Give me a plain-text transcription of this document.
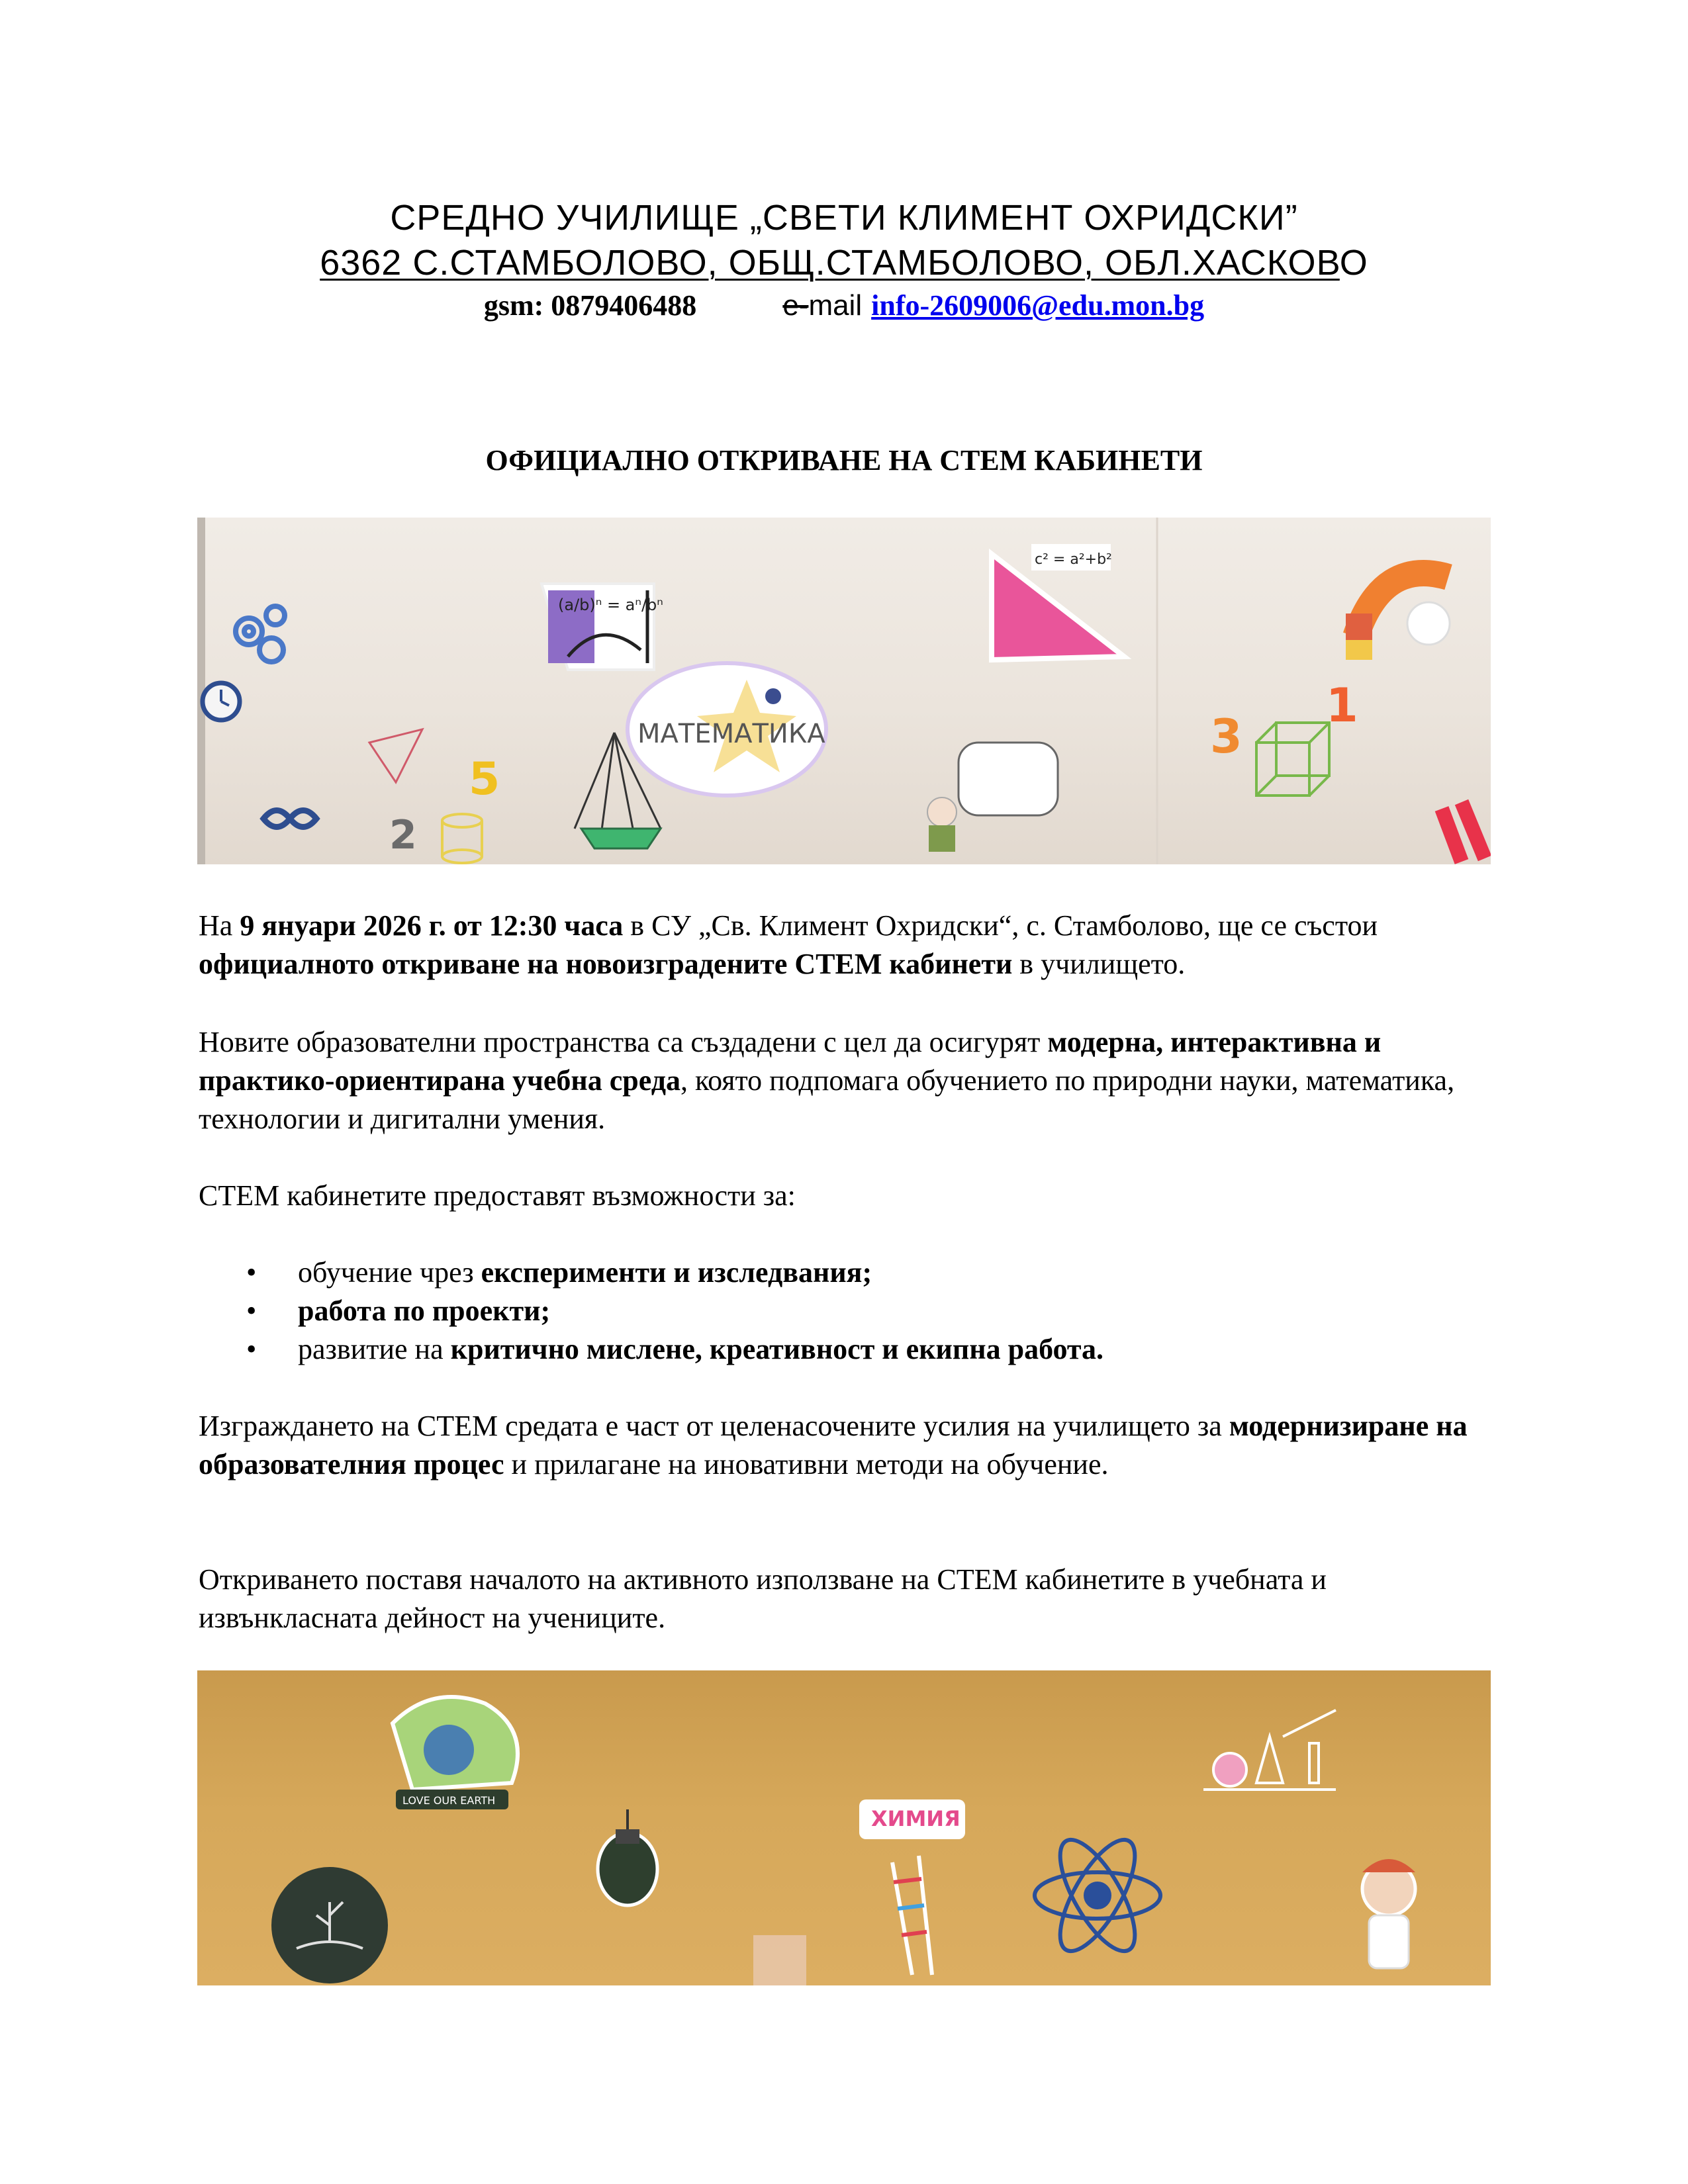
СРЕДНО УЧИЛИЩЕ „СВЕТИ КЛИМЕНТ ОХРИДСКИ”
6362 С.СТАМБОЛОВО, ОБЩ.СТАМБОЛОВО, ОБЛ.ХАСКОВО
gsm: 0879406488	e-mail info-2609006@edu.mon.bg
ОФИЦИАЛНО ОТКРИВАНЕ НА СТЕМ КАБИНЕТИ
2
5
(a/b)ⁿ = aⁿ/bⁿ
МАТЕМАТИКА
c² = a²+b²
3
1
На 9 януари 2026 г. от 12:30 часа в СУ „Св. Климент Охридски“, с. Стамболово, ще се състои официалното откриване на новоизградените СТЕМ кабинети в училището.
Новите образователни пространства са създадени с цел да осигурят модерна, интерактивна и практико-ориентирана учебна среда, която подпомага обучението по природни науки, математика, технологии и дигитални умения.
СТЕМ кабинетите предоставят възможности за:
•	обучение чрез експерименти и изследвания;
•	работа по проекти;
•	развитие на критично мислене, креативност и екипна работа.
Изграждането на СТЕМ средата е част от целенасочените усилия на училището за модернизиране на образователния процес и прилагане на иновативни методи на обучение.
Откриването поставя началото на активното използване на СТЕМ кабинетите в учебната и извънкласната дейност на учениците.
LOVE OUR EARTH
ХИМИЯ
